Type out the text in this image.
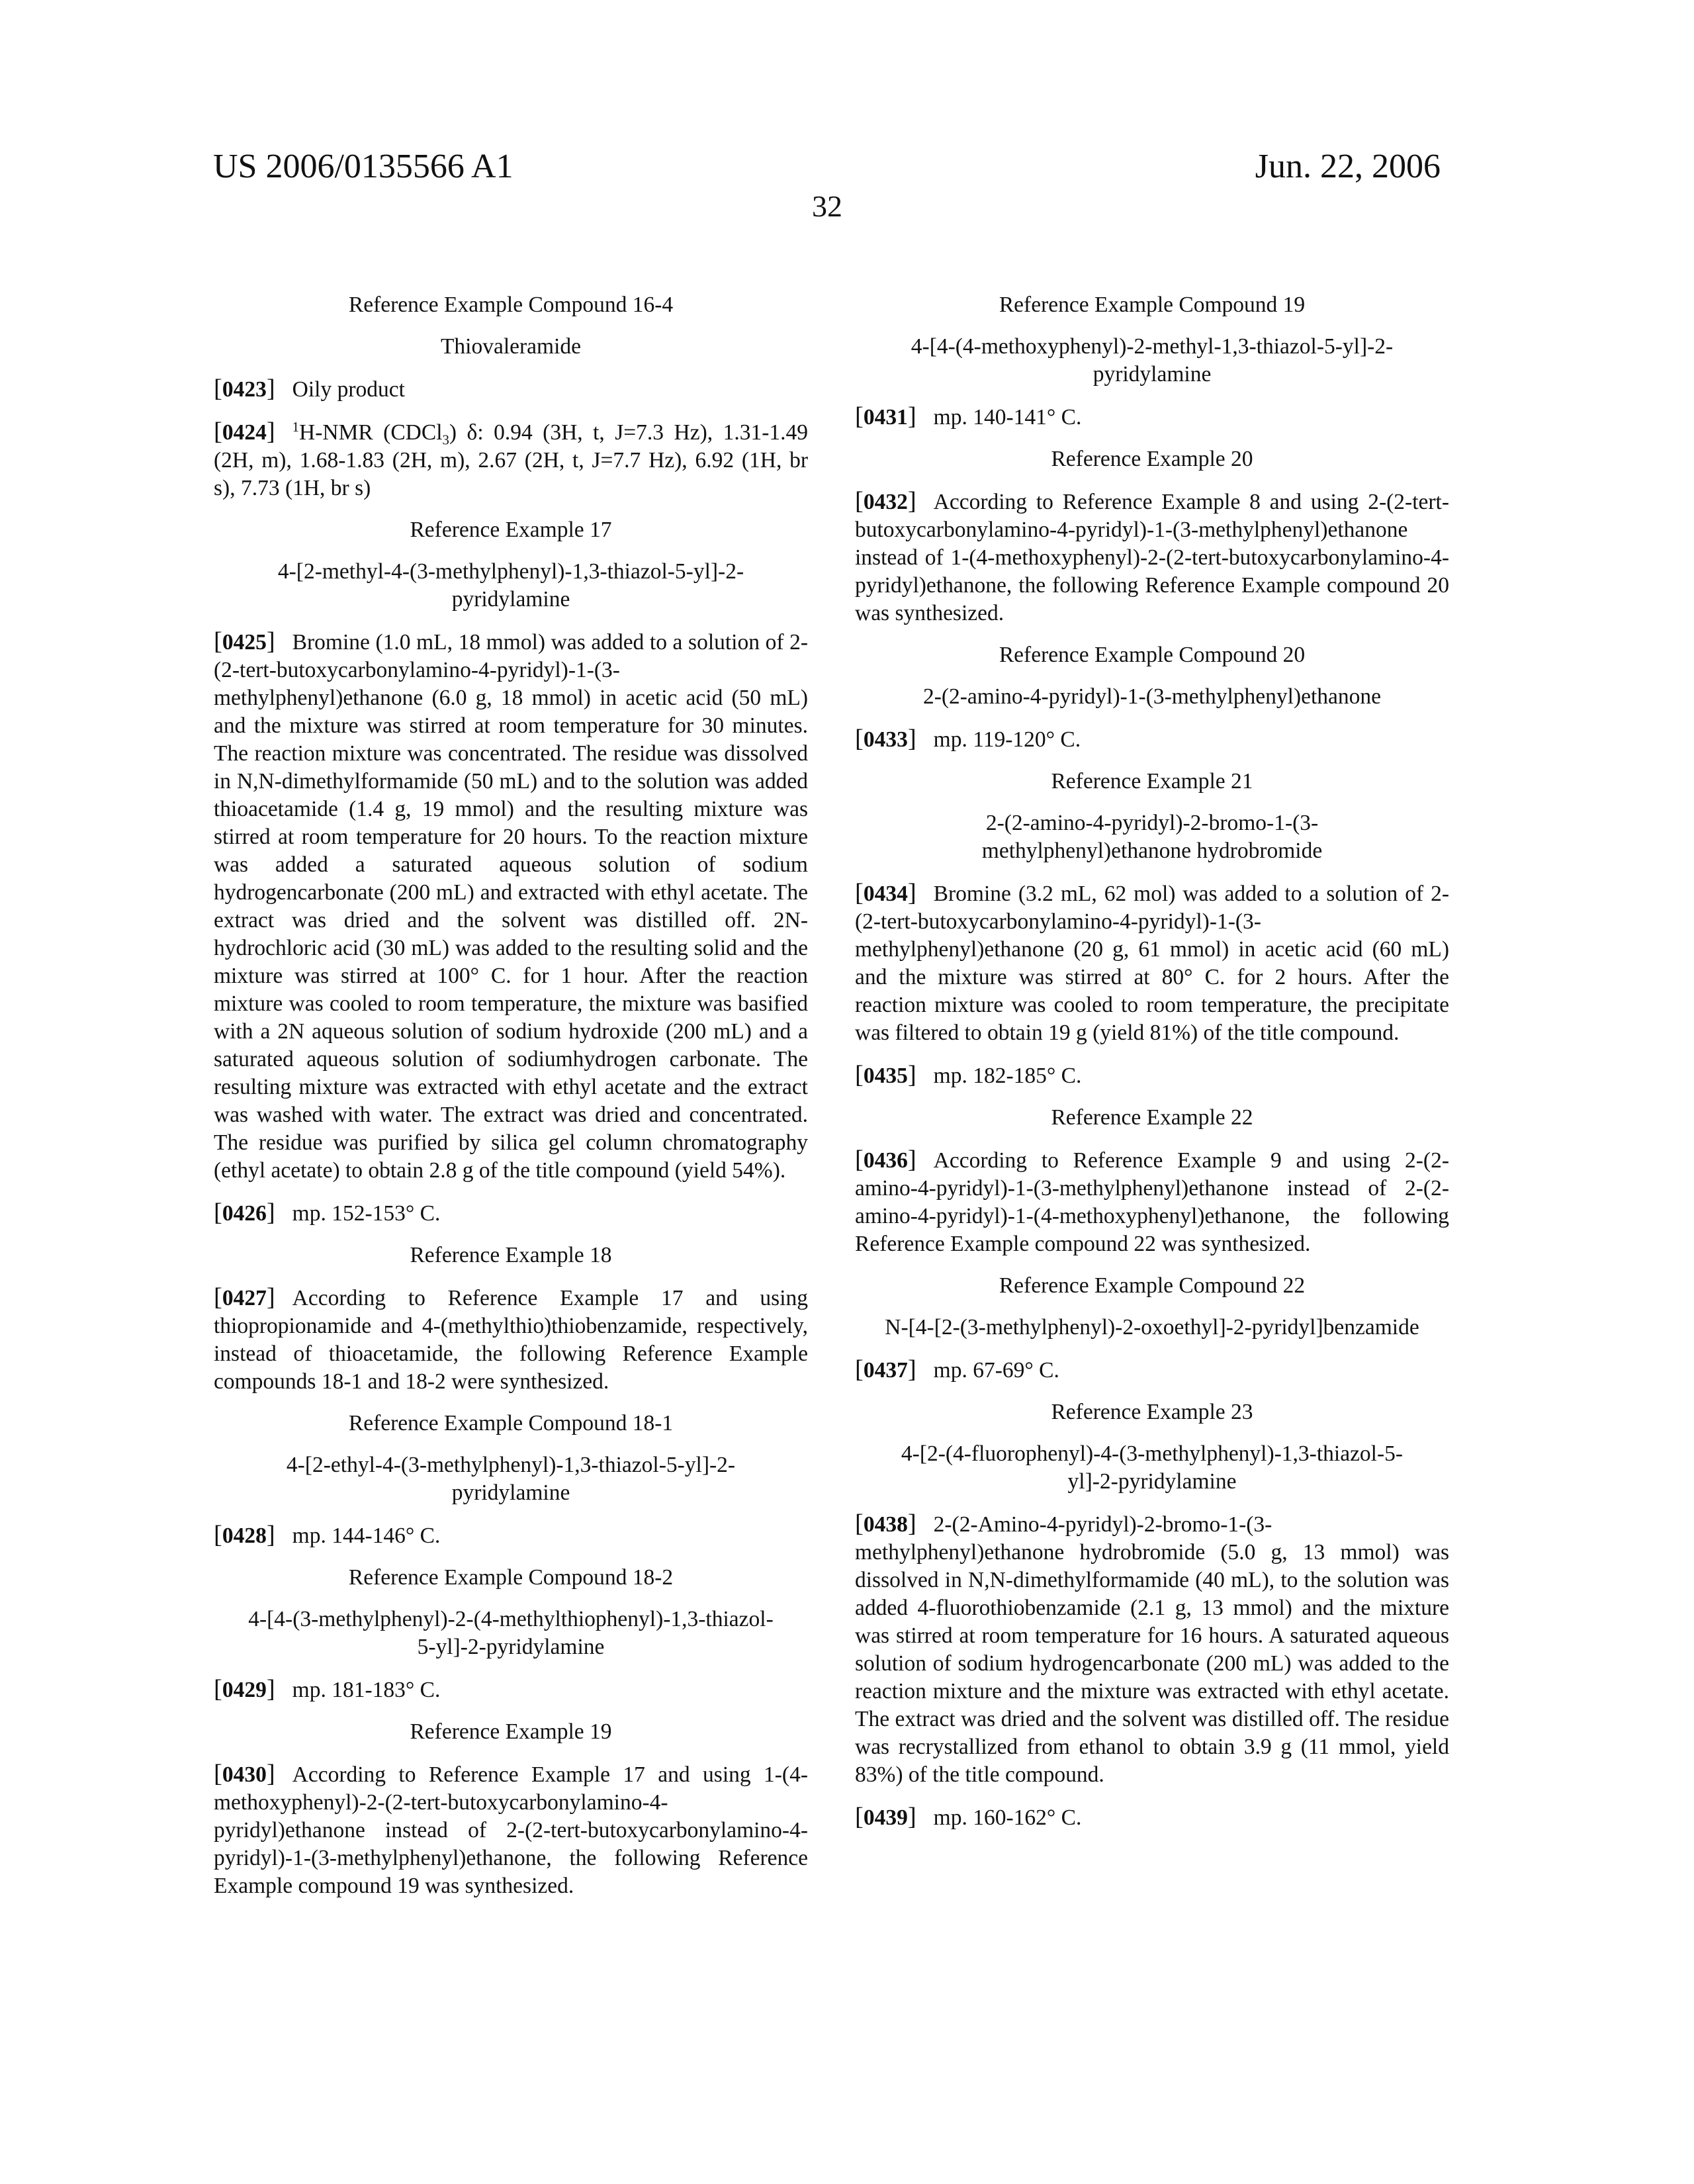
US 2006/0135566 A1	Jun. 22, 2006
32
Reference Example Compound 16-4
Thiovaleramide

[0423] Oily product

[0424] 1H-NMR (CDCl3) δ: 0.94 (3H, t, J=7.3 Hz), 1.31-1.49 (2H, m), 1.68-1.83 (2H, m), 2.67 (2H, t, J=7.7 Hz), 6.92 (1H, br s), 7.73 (1H, br s)

Reference Example 17
4-[2-methyl-4-(3-methylphenyl)-1,3-thiazol-5-yl]-2-pyridylamine

[0425] Bromine (1.0 mL, 18 mmol) was added to a solution of 2-(2-tert-butoxycarbonylamino-4-pyridyl)-1-(3-methylphenyl)ethanone (6.0 g, 18 mmol) in acetic acid (50 mL) and the mixture was stirred at room temperature for 30 minutes. The reaction mixture was concentrated. The residue was dissolved in N,N-dimethylformamide (50 mL) and to the solution was added thioacetamide (1.4 g, 19 mmol) and the resulting mixture was stirred at room temperature for 20 hours. To the reaction mixture was added a saturated aqueous solution of sodium hydrogencarbonate (200 mL) and extracted with ethyl acetate. The extract was dried and the solvent was distilled off. 2N-hydrochloric acid (30 mL) was added to the resulting solid and the mixture was stirred at 100° C. for 1 hour. After the reaction mixture was cooled to room temperature, the mixture was basified with a 2N aqueous solution of sodium hydroxide (200 mL) and a saturated aqueous solution of sodiumhydrogen carbonate. The resulting mixture was extracted with ethyl acetate and the extract was washed with water. The extract was dried and concentrated. The residue was purified by silica gel column chromatography (ethyl acetate) to obtain 2.8 g of the title compound (yield 54%).

[0426] mp. 152-153° C.

Reference Example 18

[0427] According to Reference Example 17 and using thiopropionamide and 4-(methylthio)thiobenzamide, respectively, instead of thioacetamide, the following Reference Example compounds 18-1 and 18-2 were synthesized.

Reference Example Compound 18-1
4-[2-ethyl-4-(3-methylphenyl)-1,3-thiazol-5-yl]-2-pyridylamine

[0428] mp. 144-146° C.

Reference Example Compound 18-2
4-[4-(3-methylphenyl)-2-(4-methylthiophenyl)-1,3-thiazol-5-yl]-2-pyridylamine

[0429] mp. 181-183° C.

Reference Example 19

[0430] According to Reference Example 17 and using 1-(4-methoxyphenyl)-2-(2-tert-butoxycarbonylamino-4-pyridyl)ethanone instead of 2-(2-tert-butoxycarbonylamino-4-pyridyl)-1-(3-methylphenyl)ethanone, the following Reference Example compound 19 was synthesized.

Reference Example Compound 19
4-[4-(4-methoxyphenyl)-2-methyl-1,3-thiazol-5-yl]-2-pyridylamine

[0431] mp. 140-141° C.

Reference Example 20

[0432] According to Reference Example 8 and using 2-(2-tert-butoxycarbonylamino-4-pyridyl)-1-(3-methylphenyl)ethanone instead of 1-(4-methoxyphenyl)-2-(2-tert-butoxycarbonylamino-4-pyridyl)ethanone, the following Reference Example compound 20 was synthesized.

Reference Example Compound 20
2-(2-amino-4-pyridyl)-1-(3-methylphenyl)ethanone

[0433] mp. 119-120° C.

Reference Example 21
2-(2-amino-4-pyridyl)-2-bromo-1-(3-methylphenyl)ethanone hydrobromide

[0434] Bromine (3.2 mL, 62 mol) was added to a solution of 2-(2-tert-butoxycarbonylamino-4-pyridyl)-1-(3-methylphenyl)ethanone (20 g, 61 mmol) in acetic acid (60 mL) and the mixture was stirred at 80° C. for 2 hours. After the reaction mixture was cooled to room temperature, the precipitate was filtered to obtain 19 g (yield 81%) of the title compound.

[0435] mp. 182-185° C.

Reference Example 22

[0436] According to Reference Example 9 and using 2-(2-amino-4-pyridyl)-1-(3-methylphenyl)ethanone instead of 2-(2-amino-4-pyridyl)-1-(4-methoxyphenyl)ethanone, the following Reference Example compound 22 was synthesized.

Reference Example Compound 22
N-[4-[2-(3-methylphenyl)-2-oxoethyl]-2-pyridyl]benzamide

[0437] mp. 67-69° C.

Reference Example 23
4-[2-(4-fluorophenyl)-4-(3-methylphenyl)-1,3-thiazol-5-yl]-2-pyridylamine

[0438] 2-(2-Amino-4-pyridyl)-2-bromo-1-(3-methylphenyl)ethanone hydrobromide (5.0 g, 13 mmol) was dissolved in N,N-dimethylformamide (40 mL), to the solution was added 4-fluorothiobenzamide (2.1 g, 13 mmol) and the mixture was stirred at room temperature for 16 hours. A saturated aqueous solution of sodium hydrogencarbonate (200 mL) was added to the reaction mixture and the mixture was extracted with ethyl acetate. The extract was dried and the solvent was distilled off. The residue was recrystallized from ethanol to obtain 3.9 g (11 mmol, yield 83%) of the title compound.

[0439] mp. 160-162° C.
